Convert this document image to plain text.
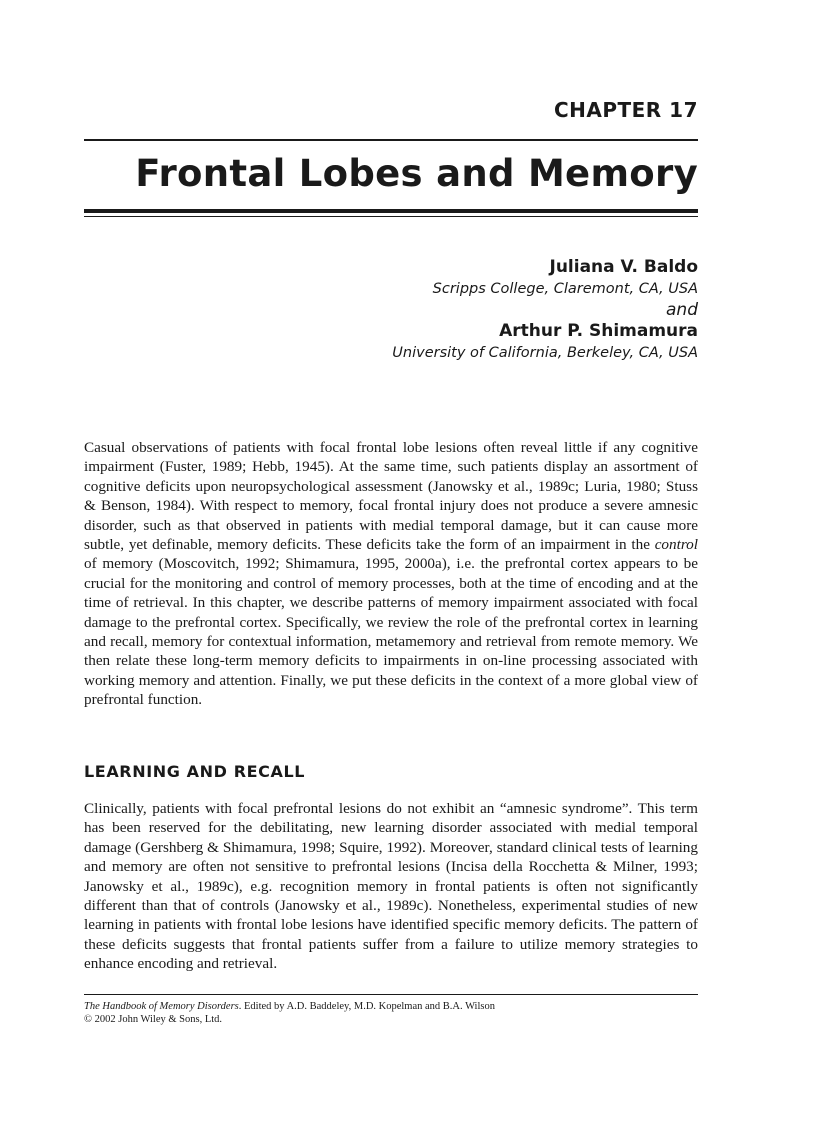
CHAPTER 17
Frontal Lobes and Memory

Juliana V. Baldo

Scripps College, Claremont, CA, USA

and

Arthur P. Shimamura

University of California, Berkeley, CA, USA

Casual observations of patients with focal frontal lobe lesions often reveal little if any cognitive impairment (Fuster, 1989; Hebb, 1945). At the same time, such patients display an assortment of cognitive deficits upon neuropsychological assessment (Janowsky et al., 1989c; Luria, 1980; Stuss & Benson, 1984). With respect to memory, focal frontal injury does not produce a severe amnesic disorder, such as that observed in patients with medial temporal damage, but it can cause more subtle, yet definable, memory deficits. These deficits take the form of an impairment in the control of memory (Moscovitch, 1992; Shimamura, 1995, 2000a), i.e. the prefrontal cortex appears to be crucial for the monitoring and control of memory processes, both at the time of encoding and at the time of retrieval. In this chapter, we describe patterns of memory impairment associated with focal damage to the prefrontal cortex. Specifically, we review the role of the prefrontal cortex in learning and recall, memory for contextual information, metamemory and retrieval from remote memory. We then relate these long-term memory deficits to impairments in on-line processing associated with working memory and attention. Finally, we put these deficits in the context of a more global view of prefrontal function.

LEARNING AND RECALL

Clinically, patients with focal prefrontal lesions do not exhibit an “amnesic syndrome”. This term has been reserved for the debilitating, new learning disorder associated with medial temporal damage (Gershberg & Shimamura, 1998; Squire, 1992). Moreover, standard clinical tests of learning and memory are often not sensitive to prefrontal lesions (Incisa della Rocchetta & Milner, 1993; Janowsky et al., 1989c), e.g. recognition memory in frontal patients is often not significantly different than that of controls (Janowsky et al., 1989c). Nonetheless, experimental studies of new learning in patients with frontal lobe lesions have identified specific memory deficits. The pattern of these deficits suggests that frontal patients suffer from a failure to utilize memory strategies to enhance encoding and retrieval.

The Handbook of Memory Disorders. Edited by A.D. Baddeley, M.D. Kopelman and B.A. Wilson

© 2002 John Wiley & Sons, Ltd.
